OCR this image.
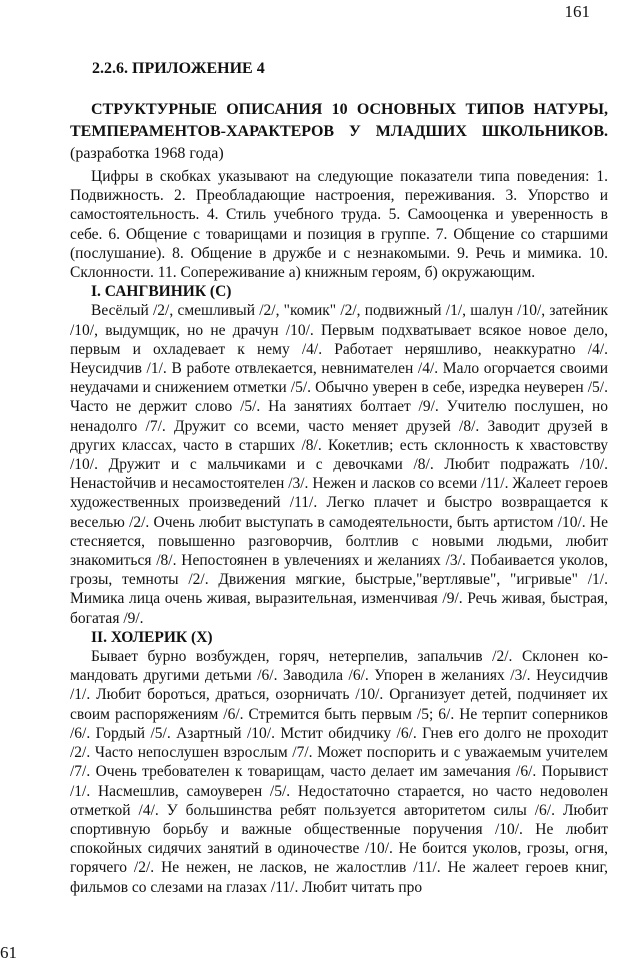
161
2.2.6. ПРИЛОЖЕНИЕ 4

СТРУКТУРНЫЕ ОПИСАНИЯ 10 ОСНОВНЫХ ТИПОВ НАТУРЫ, ТЕМПЕРАМЕНТОВ-ХАРАКТЕРОВ У МЛАДШИХ ШКОЛЬНИКОВ. (разработка 1968 года)

Цифры в скобках указывают на следующие показатели типа поведения: 1. Подвижность. 2. Преобладающие настроения, переживания. 3. Упорство и самостоятельность. 4. Стиль учебного труда. 5. Самооценка и уверенность в себе. 6. Общение с товарищами и позиция в группе. 7. Общение со старшими (послушание). 8. Общение в дружбе и с незнакомыми. 9. Речь и мимика. 10. Склонности. 11. Сопереживание а) книжным героям, б) окружающим.

I. САНГВИНИК (С)

Весёлый /2/, смешливый /2/, "комик" /2/, подвижный /1/, шалун /10/, затейник /10/, выдумщик, но не драчун /10/. Первым подхватывает всякое новое дело, первым и охладевает к нему /4/. Работает неряшливо, неаккуратно /4/. Неусидчив /1/. В работе отвлекается, невнимателен /4/. Мало огорчается своими неудачами и снижением отметки /5/. Обычно уверен в себе, изредка неуверен /5/. Часто не держит слово /5/. На занятиях болтает /9/. Учителю послушен, но ненадолго /7/. Дружит со всеми, часто меняет друзей /8/. Заводит друзей в других классах, часто в старших /8/. Кокетлив; есть склонность к хвастовству /10/. Дружит и с мальчиками и с девочками /8/. Любит подражать /10/. Ненастойчив и несамостоятелен /3/. Нежен и ласков со всеми /11/. Жалеет героев художественных произведений /11/. Легко плачет и быстро возвращается к веселью /2/. Очень любит выступать в самодеятельности, быть артистом /10/. Не стесняется, повышенно разговорчив, болтлив с новыми людьми, любит знакомиться /8/. Непостоянен в увлечениях и желаниях /3/. Побаивается уколов, грозы, темноты /2/. Движения мягкие, быстрые,"вертлявые", "игривые" /1/. Мимика лица очень живая, выразительная, изменчивая /9/. Речь живая, быстрая, богатая /9/.

II. ХОЛЕРИК (Х)

Бывает бурно возбужден, горяч, нетерпелив, запальчив /2/. Склонен командовать другими детьми /6/. Заводила /6/. Упорен в желаниях /3/. Неусидчив /1/. Любит бороться, драться, озорничать /10/. Организует детей, подчиняет их своим распоряжениям /6/. Стремится быть первым /5; 6/. Не терпит соперников /6/. Гордый /5/. Азартный /10/. Мстит обидчику /6/. Гнев его долго не проходит /2/. Часто непослушен взрослым /7/. Может поспорить и с уважаемым учителем /7/. Очень требователен к товарищам, часто делает им замечания /6/. Порывист /1/. Насмешлив, самоуверен /5/. Недостаточно старается, но часто недоволен отметкой /4/. У большинства ребят пользуется авторитетом силы /6/. Любит спортивную борьбу и важные общественные поручения /10/. Не любит спокойных сидячих занятий в одиночестве /10/. Не боится уколов, грозы, огня, горячего /2/. Не нежен, не ласков, не жалостлив /11/. Не жалеет героев книг, фильмов со слезами на глазах /11/. Любит читать про

61
